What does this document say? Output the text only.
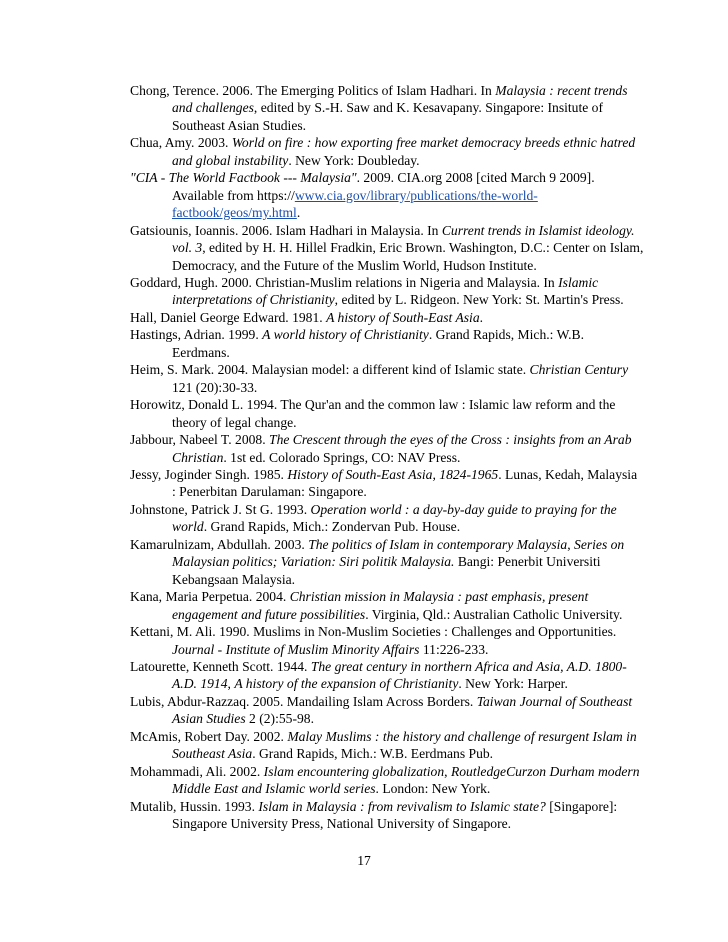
Chong, Terence. 2006. The Emerging Politics of Islam Hadhari. In Malaysia : recent trends and challenges, edited by S.-H. Saw and K. Kesavapany. Singapore: Insitute of Southeast Asian Studies.
Chua, Amy. 2003. World on fire : how exporting free market democracy breeds ethnic hatred and global instability. New York: Doubleday.
"CIA - The World Factbook --- Malaysia". 2009. CIA.org 2008 [cited March 9 2009]. Available from https://www.cia.gov/library/publications/the-world-factbook/geos/my.html.
Gatsiounis, Ioannis. 2006. Islam Hadhari in Malaysia. In Current trends in Islamist ideology. vol. 3, edited by H. H. Hillel Fradkin, Eric Brown. Washington, D.C.: Center on Islam, Democracy, and the Future of the Muslim World, Hudson Institute.
Goddard, Hugh. 2000. Christian-Muslim relations in Nigeria and Malaysia. In Islamic interpretations of Christianity, edited by L. Ridgeon. New York: St. Martin's Press.
Hall, Daniel George Edward. 1981. A history of South-East Asia.
Hastings, Adrian. 1999. A world history of Christianity. Grand Rapids, Mich.: W.B. Eerdmans.
Heim, S. Mark. 2004. Malaysian model: a different kind of Islamic state. Christian Century 121 (20):30-33.
Horowitz, Donald L. 1994. The Qur'an and the common law : Islamic law reform and the theory of legal change.
Jabbour, Nabeel T. 2008. The Crescent through the eyes of the Cross : insights from an Arab Christian. 1st ed. Colorado Springs, CO: NAV Press.
Jessy, Joginder Singh. 1985. History of South-East Asia, 1824-1965. Lunas, Kedah, Malaysia : Penerbitan Darulaman: Singapore.
Johnstone, Patrick J. St G. 1993. Operation world : a day-by-day guide to praying for the world. Grand Rapids, Mich.: Zondervan Pub. House.
Kamarulnizam, Abdullah. 2003. The politics of Islam in contemporary Malaysia, Series on Malaysian politics; Variation: Siri politik Malaysia. Bangi: Penerbit Universiti Kebangsaan Malaysia.
Kana, Maria Perpetua. 2004. Christian mission in Malaysia : past emphasis, present engagement and future possibilities. Virginia, Qld.: Australian Catholic University.
Kettani, M. Ali. 1990. Muslims in Non-Muslim Societies : Challenges and Opportunities. Journal - Institute of Muslim Minority Affairs 11:226-233.
Latourette, Kenneth Scott. 1944. The great century in northern Africa and Asia, A.D. 1800-A.D. 1914, A history of the expansion of Christianity. New York: Harper.
Lubis, Abdur-Razzaq. 2005. Mandailing Islam Across Borders. Taiwan Journal of Southeast Asian Studies 2 (2):55-98.
McAmis, Robert Day. 2002. Malay Muslims : the history and challenge of resurgent Islam in Southeast Asia. Grand Rapids, Mich.: W.B. Eerdmans Pub.
Mohammadi, Ali. 2002. Islam encountering globalization, RoutledgeCurzon Durham modern Middle East and Islamic world series. London: New York.
Mutalib, Hussin. 1993. Islam in Malaysia : from revivalism to Islamic state? [Singapore]: Singapore University Press, National University of Singapore.
17
